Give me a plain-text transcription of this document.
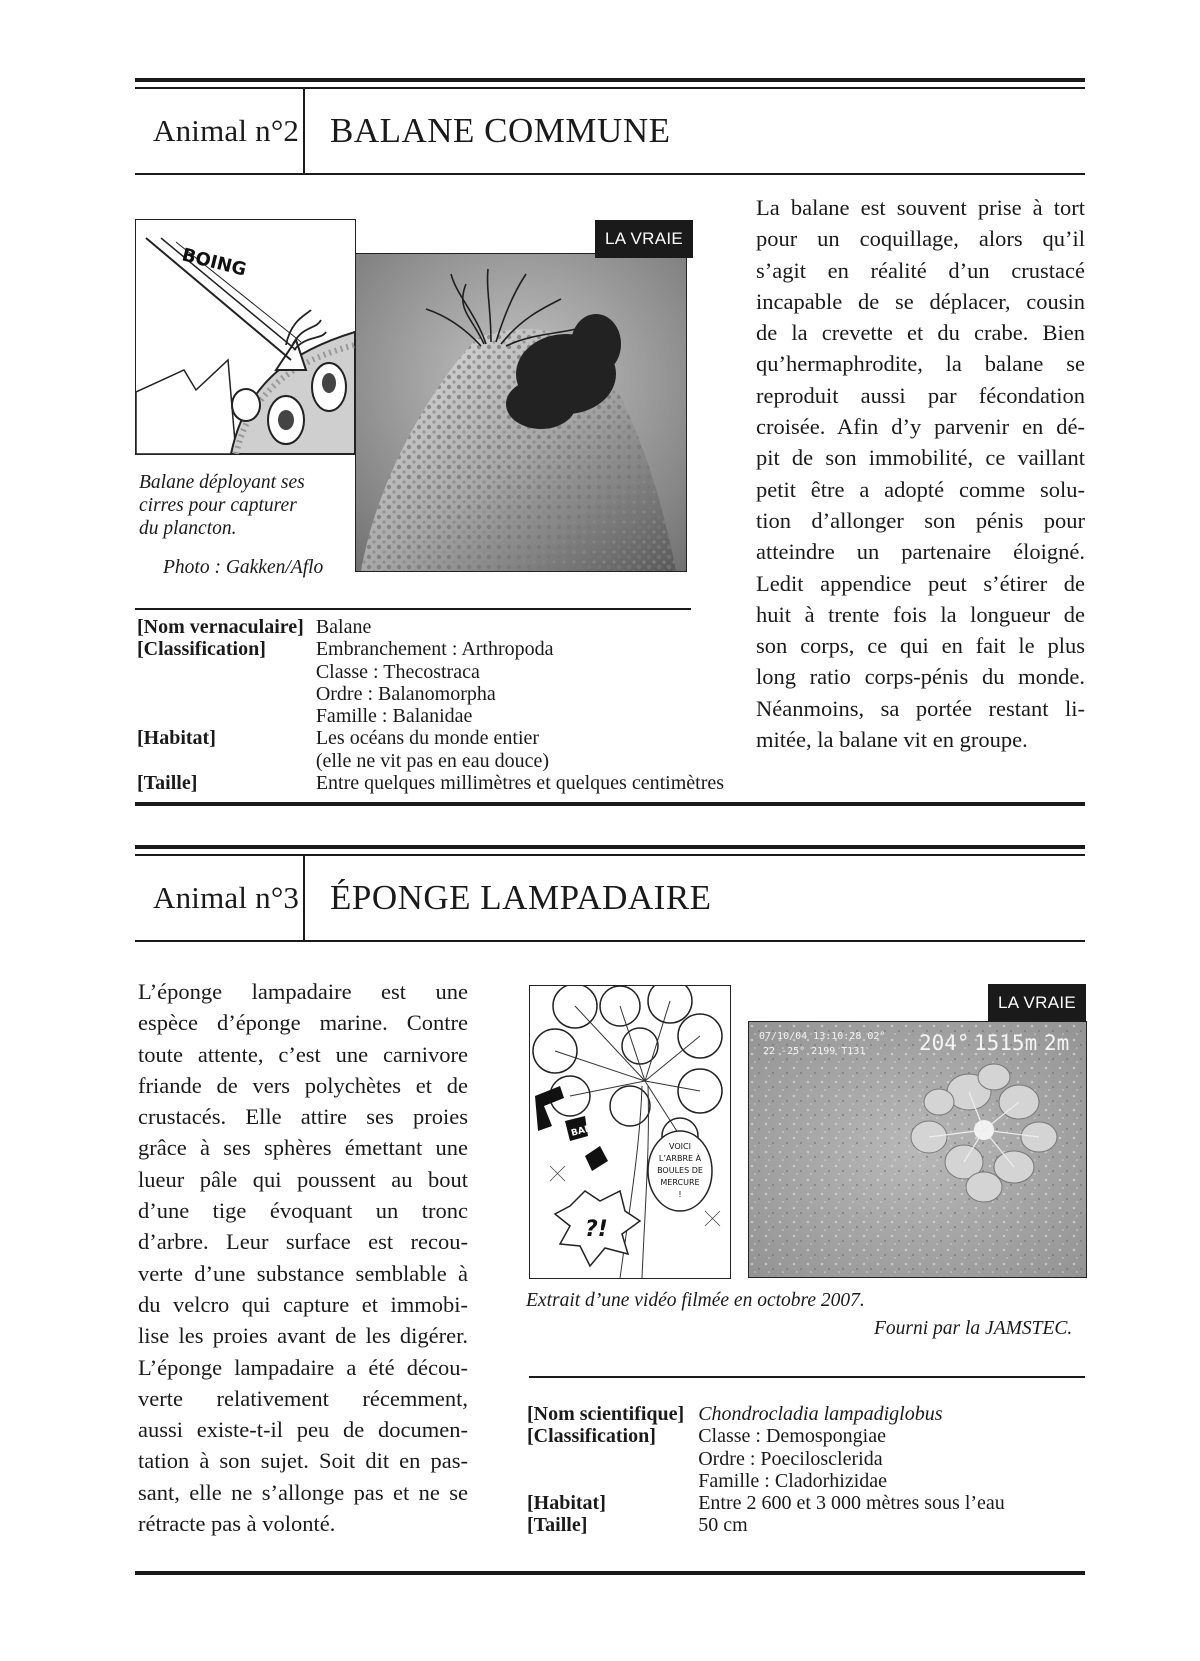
Animal n°2 BALANE COMMUNE
BOING
LA VRAIE
Balane déployant ses
cirres pour capturer
du plancton.
Photo : Gakken/Aflo
[Nom vernaculaire]	Balane
[Classification]	Embranchement : Arthropoda
Classe : Thecostraca
Ordre : Balanomorpha
Famille : Balanidae

[Habitat]	Les océans du monde entier
(elle ne vit pas en eau douce)

[Taille]	Entre quelques millimètres et quelques centimètres
La balane est souvent prise à tort
pour un coquillage, alors qu’il
s’agit en réalité d’un crustacé
incapable de se déplacer, cousin
de la crevette et du crabe. Bien
qu’hermaphrodite, la balane se
reproduit aussi par fécondation
croisée. Afin d’y parvenir en dé-
pit de son immobilité, ce vaillant
petit être a adopté comme solu-
tion d’allonger son pénis pour
atteindre un partenaire éloigné.
Ledit appendice peut s’étirer de
huit à trente fois la longueur de
son corps, ce qui en fait le plus
long ratio corps-pénis du monde.
Néanmoins, sa portée restant li-
mitée, la balane vit en groupe.
Animal n°3 ÉPONGE LAMPADAIRE
L’éponge lampadaire est une
espèce d’éponge marine. Contre
toute attente, c’est une carnivore
friande de vers polychètes et de
crustacés. Elle attire ses proies
grâce à ses sphères émettant une
lueur pâle qui poussent au bout
d’une tige évoquant un tronc
d’arbre. Leur surface est recou-
verte d’une substance semblable à
du velcro qui capture et immobi-
lise les proies avant de les digérer.
L’éponge lampadaire a été décou-
verte relativement récemment,
aussi existe-t-il peu de documen-
tation à son sujet. Soit dit en pas-
sant, elle ne s’allonge pas et ne se
rétracte pas à volonté.
VOICI
L’ARBRE À
BOULES DE
MERCURE
!
BAM
?!
07/10/04 13:10:28 02°
22 -25° 2199 T131	204° 1515m 2m
LA VRAIE
Extrait d’une vidéo filmée en octobre 2007.
Fourni par la JAMSTEC.
[Nom scientifique]	Chondrocladia lampadiglobus
[Classification]	Classe : Demospongiae
Ordre : Poecilosclerida
Famille : Cladorhizidae

[Habitat]	Entre 2 600 et 3 000 mètres sous l’eau
[Taille]	50 cm
